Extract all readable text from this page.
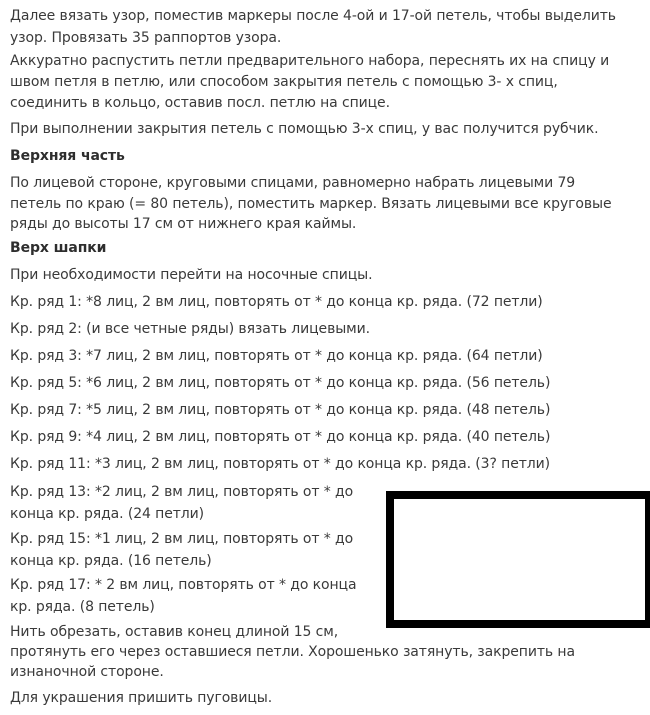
Далее вязать узор, поместив маркеры после 4-ой и 17-ой петель, чтобы выделить

узор. Провязать 35 раппортов узора.

Аккуратно распустить петли предварительного набора, переснять их на спицу и

швом петля в петлю, или способом закрытия петель с помощью 3- х спиц,

соединить в кольцо, оставив посл. петлю на спице.

При выполнении закрытия петель с помощью 3-х спиц, у вас получится рубчик.

Верхняя часть

По лицевой стороне, круговыми спицами, равномерно набрать лицевыми 79

петель по краю (= 80 петель), поместить маркер. Вязать лицевыми все круговые

ряды до высоты 17 см от нижнего края каймы.

Верх шапки

При необходимости перейти на носочные спицы.

Кр. ряд 1: *8 лиц, 2 вм лиц, повторять от * до конца кр. ряда. (72 петли)

Кр. ряд 2: (и все четные ряды) вязать лицевыми.

Кр. ряд 3: *7 лиц, 2 вм лиц, повторять от * до конца кр. ряда. (64 петли)

Кр. ряд 5: *6 лиц, 2 вм лиц, повторять от * до конца кр. ряда. (56 петель)

Кр. ряд 7: *5 лиц, 2 вм лиц, повторять от * до конца кр. ряда. (48 петель)

Кр. ряд 9: *4 лиц, 2 вм лиц, повторять от * до конца кр. ряда. (40 петель)

Кр. ряд 11: *3 лиц, 2 вм лиц, повторять от * до конца кр. ряда. (3? петли)

Кр. ряд 13: *2 лиц, 2 вм лиц, повторять от * до конца кр. ряда. (24 петли)

Кр. ряд 15: *1 лиц, 2 вм лиц, повторять от * до конца кр. ряда. (16 петель)

Кр. ряд 17: * 2 вм лиц, повторять от * до конца кр. ряда. (8 петель)

Нить обрезать, оставив конец длиной 15 см,

протянуть его через оставшиеся петли. Хорошенько затянуть, закрепить на

изнаночной стороне.

Для украшения пришить пуговицы.
